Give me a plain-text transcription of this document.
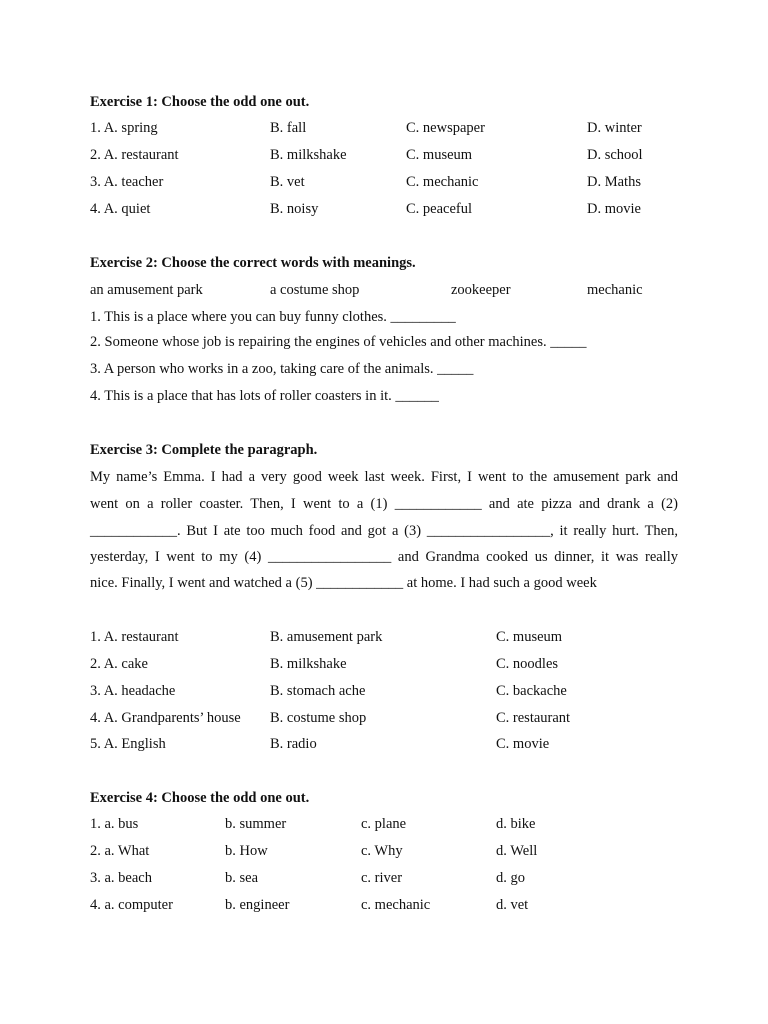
Exercise 1: Choose the odd one out.
1. A. spring	B. fall	C. newspaper	D. winter
2. A. restaurant	B. milkshake	C. museum	D. school
3. A. teacher	B. vet	C. mechanic	D. Maths
4. A. quiet	B. noisy	C. peaceful	D. movie
Exercise 2: Choose the correct words with meanings.
an amusement park	a costume shop	zookeeper	mechanic
1. This is a place where you can buy funny clothes. _________
2. Someone whose job is repairing the engines of vehicles and other machines. _____
3. A person who works in a zoo, taking care of the animals. _____
4. This is a place that has lots of roller coasters in it. ______
Exercise 3: Complete the paragraph.
My name’s Emma. I had a very good week last week. First, I went to the amusement park and
went on a roller coaster. Then, I went to a (1) ____________ and ate pizza and drank a (2)
____________. But I ate too much food and got a (3) _________________, it really hurt. Then,
yesterday, I went to my (4) _________________ and Grandma cooked us dinner, it was really
nice. Finally, I went and watched a (5) ____________ at home. I had such a good week
1. A. restaurant	B. amusement park	C. museum
2. A. cake	B. milkshake	C. noodles
3. A. headache	B. stomach ache	C. backache
4. A. Grandparents’ house B. costume shop	C. restaurant
5. A. English	B. radio	C. movie
Exercise 4: Choose the odd one out.
1. a. bus	b. summer	c. plane	d. bike
2. a. What	b. How	c. Why	d. Well
3. a. beach	b. sea	c. river	d. go
4. a. computer	b. engineer	c. mechanic	d. vet
